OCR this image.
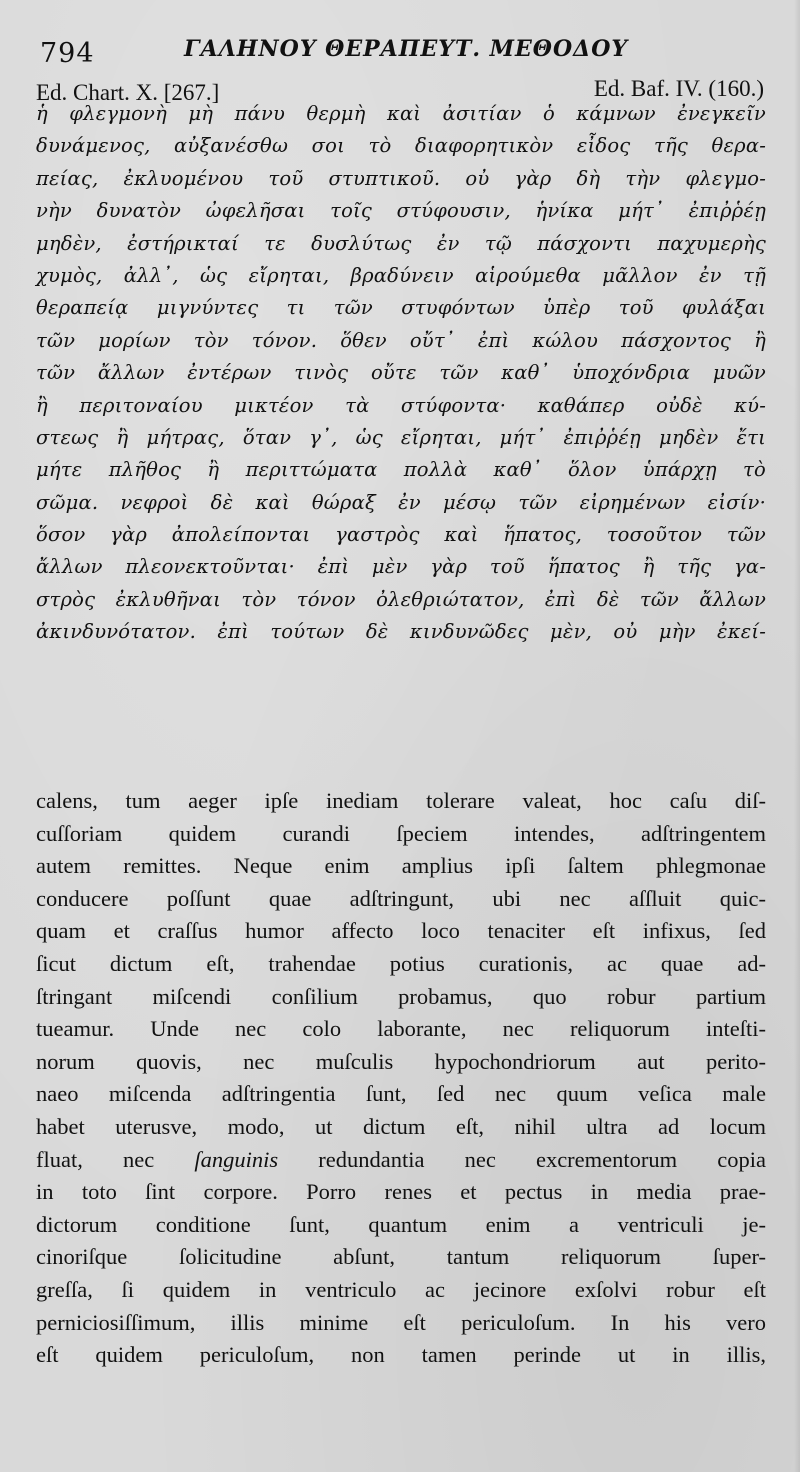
794	ΓΑΛΗΝΟΥ ΘΕΡΑΠΕΥΤ. ΜΕΘΟΔΟΥ
Ed. Chart. X. [267.]	Ed. Baf. IV. (160.)
ἡ φλεγμονὴ μὴ πάνυ θερμὴ καὶ ἀσιτίαν ὁ κάμνων ἐνεγκεῖν
δυνάμενος, αὐξανέσθω σοι τὸ διαφορητικὸν εἶδος τῆς θερα-
πείας, ἐκλυομένου τοῦ στυπτικοῦ. οὐ γὰρ δὴ τὴν φλεγμο-
νὴν δυνατὸν ὠφελῆσαι τοῖς στύφουσιν, ἡνίκα μήτ᾽ ἐπιῤῥέῃ
μηδὲν, ἐστήρικταί τε δυσλύτως ἐν τῷ πάσχοντι παχυμερὴς
χυμὸς, ἀλλ᾽, ὡς εἴρηται, βραδύνειν αἱρούμεθα μᾶλλον ἐν τῇ
θεραπείᾳ μιγνύντες τι τῶν στυφόντων ὑπὲρ τοῦ φυλάξαι
τῶν μορίων τὸν τόνον. ὅθεν οὔτ᾽ ἐπὶ κώλου πάσχοντος ἢ
τῶν ἄλλων ἐντέρων τινὸς οὔτε τῶν καθ᾽ ὑποχόνδρια μυῶν
ἢ περιτοναίου μικτέον τὰ στύφοντα· καθάπερ οὐδὲ κύ-
στεως ἢ μήτρας, ὅταν γ᾽, ὡς εἴρηται, μήτ᾽ ἐπιῤῥέῃ μηδὲν ἔτι
μήτε πλῆθος ἢ περιττώματα πολλὰ καθ᾽ ὅλον ὑπάρχῃ τὸ
σῶμα. νεφροὶ δὲ καὶ θώραξ ἐν μέσῳ τῶν εἰρημένων εἰσίν·
ὅσον γὰρ ἀπολείπονται γαστρὸς καὶ ἥπατος, τοσοῦτον τῶν
ἄλλων πλεονεκτοῦνται· ἐπὶ μὲν γὰρ τοῦ ἥπατος ἢ τῆς γα-
στρὸς ἐκλυθῆναι τὸν τόνον ὀλεθριώτατον, ἐπὶ δὲ τῶν ἄλλων
ἀκινδυνότατον. ἐπὶ τούτων δὲ κινδυνῶδες μὲν, οὐ μὴν ἐκεί-
calens, tum aeger ipſe inediam tolerare valeat, hoc caſu diſ-
cuſſoriam quidem curandi ſpeciem intendes, adſtringentem
autem remittes. Neque enim amplius ipſi ſaltem phlegmonae
conducere poſſunt quae adſtringunt, ubi nec aſſluit quic-
quam et craſſus humor affecto loco tenaciter eſt infixus, ſed
ſicut dictum eſt, trahendae potius curationis, ac quae ad-
ſtringant miſcendi conſilium probamus, quo robur partium
tueamur. Unde nec colo laborante, nec reliquorum inteſti-
norum quovis, nec muſculis hypochondriorum aut perito-
naeo miſcenda adſtringentia ſunt, ſed nec quum veſica male
habet uterusve, modo, ut dictum eſt, nihil ultra ad locum
fluat, nec ſanguinis redundantia nec excrementorum copia
in toto ſint corpore. Porro renes et pectus in media prae-
dictorum conditione ſunt, quantum enim a ventriculi je-
cinoriſque ſolicitudine abſunt, tantum reliquorum ſuper-
greſſa, ſi quidem in ventriculo ac jecinore exſolvi robur eſt
perniciosiſſimum, illis minime eſt periculoſum. In his vero
eſt quidem periculoſum, non tamen perinde ut in illis,
